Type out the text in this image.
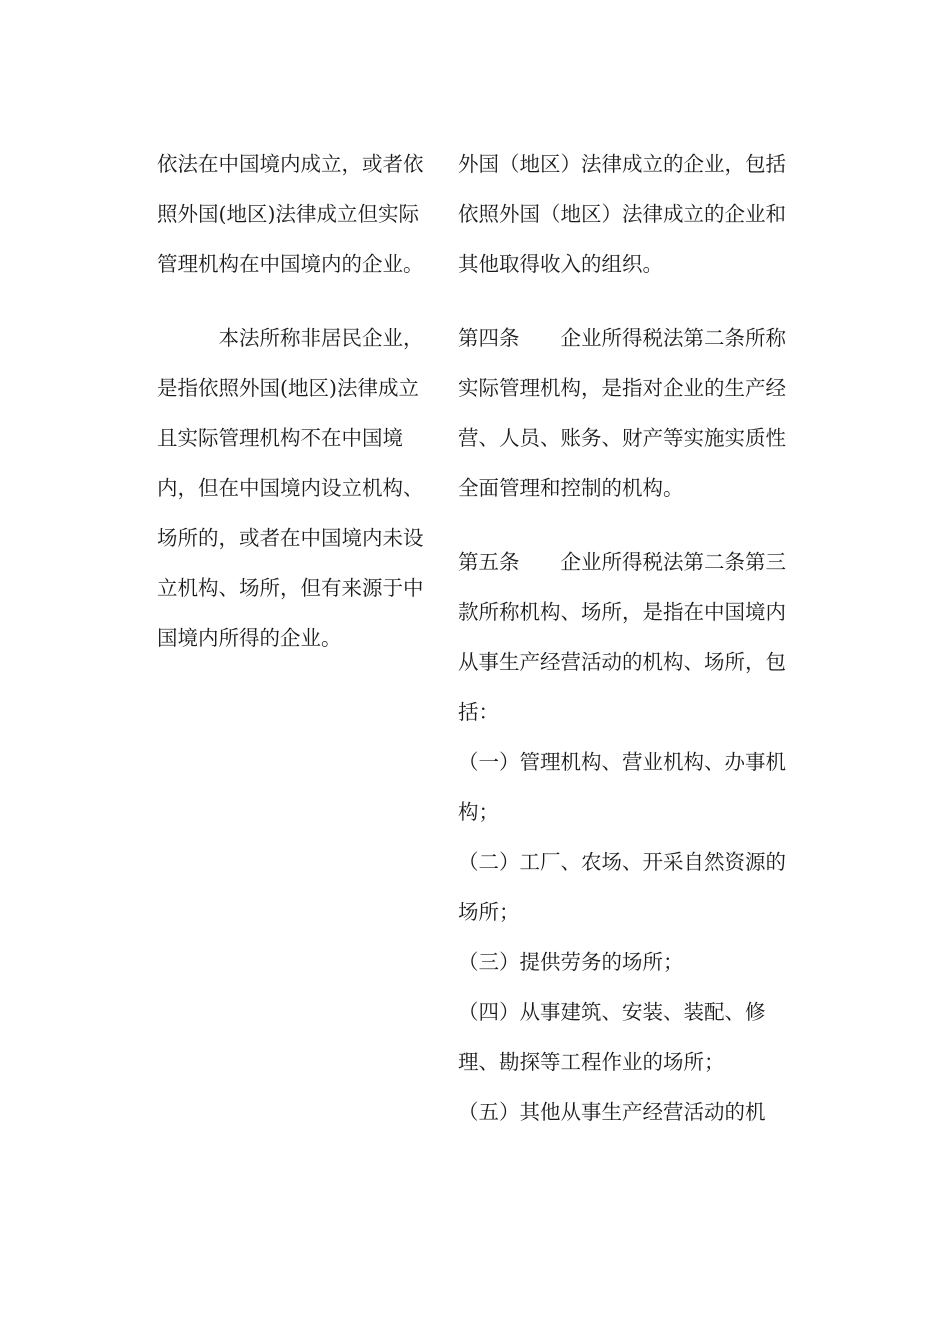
依法在中国境内成立，或者依照外国(地区)法律成立但实际管理机构在中国境内的企业。

　　　本法所称非居民企业，是指依照外国(地区)法律成立且实际管理机构不在中国境内，但在中国境内设立机构、场所的，或者在中国境内未设立机构、场所，但有来源于中国境内所得的企业。

外国（地区）法律成立的企业，包括依照外国（地区）法律成立的企业和其他取得收入的组织。

第四条　　企业所得税法第二条所称实际管理机构，是指对企业的生产经营、人员、账务、财产等实施实质性全面管理和控制的机构。

第五条　　企业所得税法第二条第三款所称机构、场所，是指在中国境内从事生产经营活动的机构、场所，包括：

（一）管理机构、营业机构、办事机构；

（二）工厂、农场、开采自然资源的场所；

（三）提供劳务的场所；

（四）从事建筑、安装、装配、修理、勘探等工程作业的场所；

（五）其他从事生产经营活动的机
